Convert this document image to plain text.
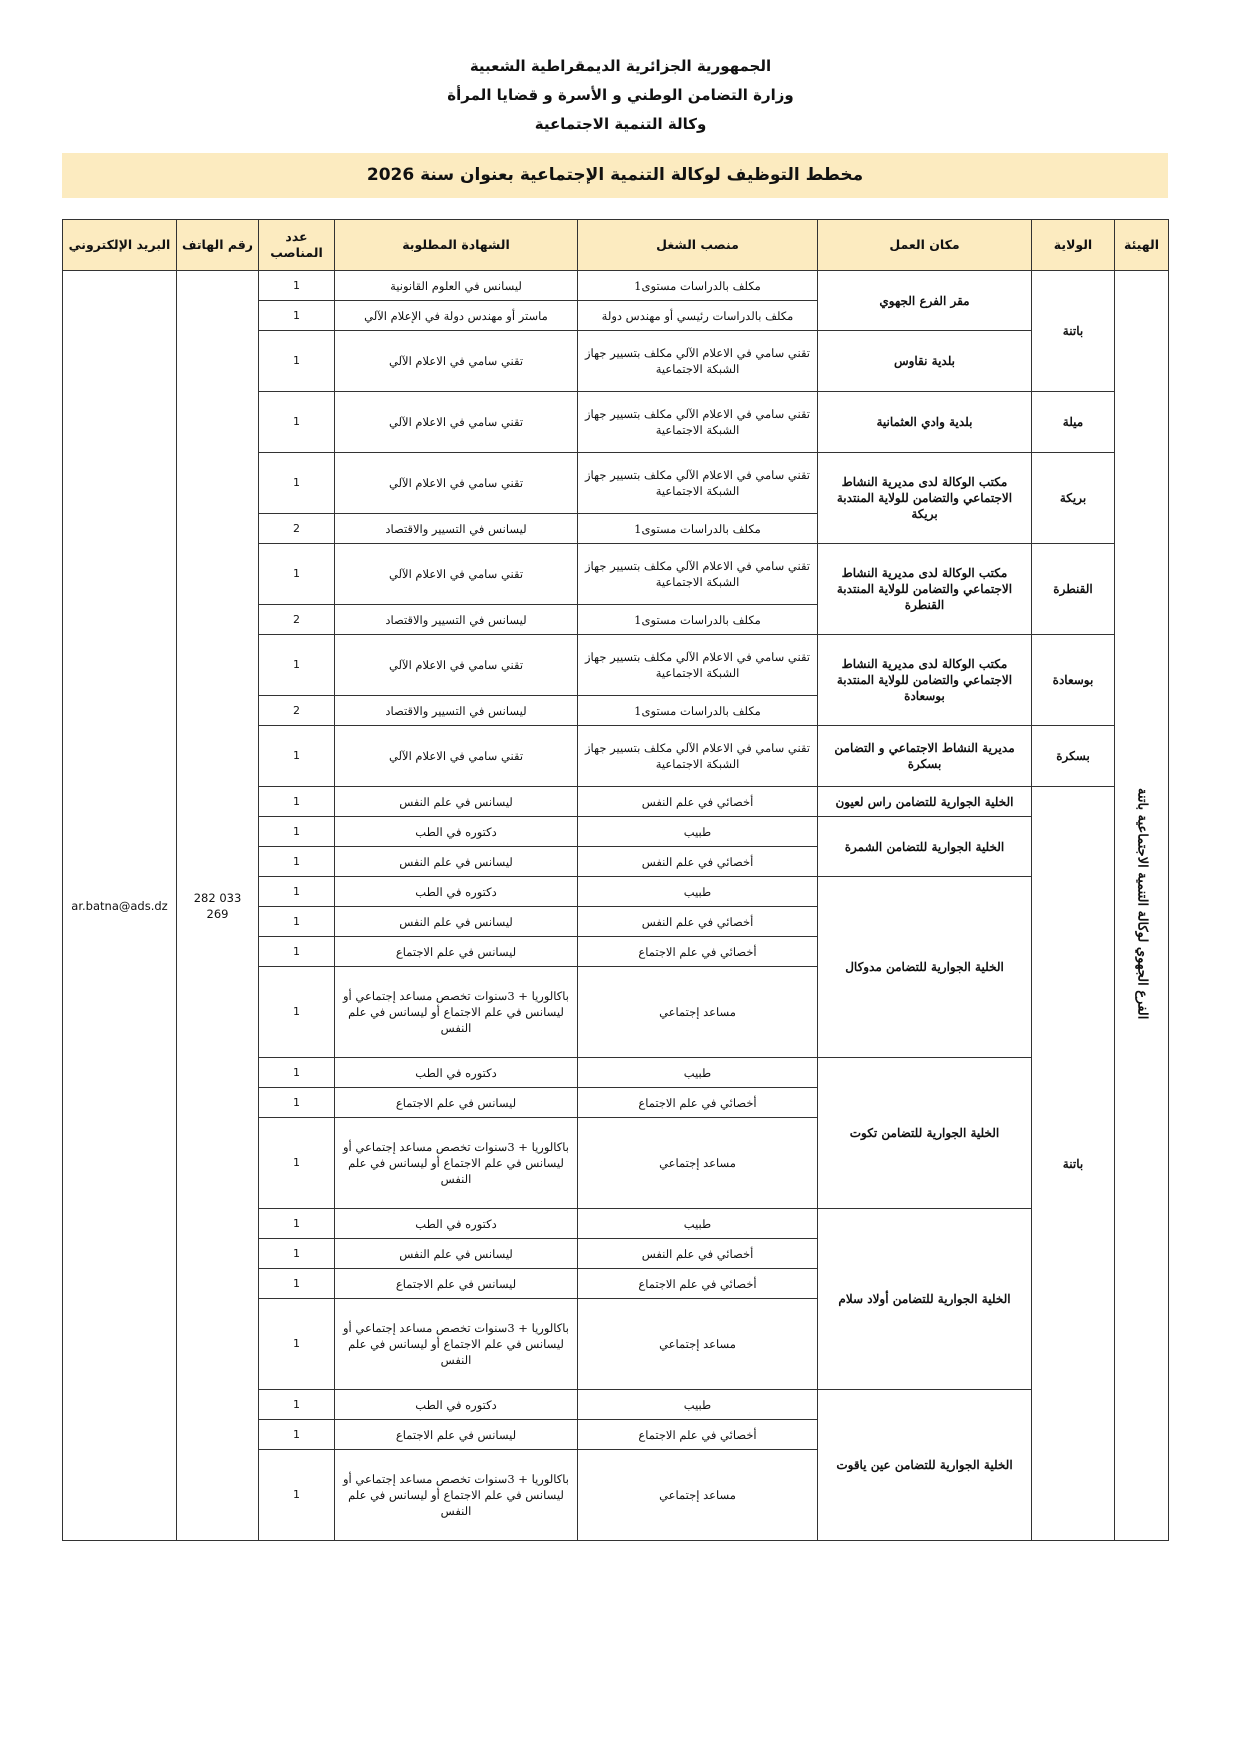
الجمهورية الجزائرية الديمقراطية الشعبية
وزارة التضامن الوطني و الأسرة و قضايا المرأة
وكالة التنمية الاجتماعية
مخطط التوظيف لوكالة التنمية الإجتماعية بعنوان سنة 2026
الهيئة	الولاية	مكان العمل	منصب الشغل	الشهادة المطلوبة	عدد المناصب	رقم الهاتف	البريد الإلكتروني
الفرع الجهوي لوكالة التنمية الاجتماعية باتنة	باتنة	مقر الفرع الجهوي	مكلف بالدراسات مستوى1	ليسانس في العلوم القانونية	1	033 282 269	ar.batna@ads.dz
			مكلف بالدراسات رئيسي أو مهندس دولة	ماستر أو مهندس دولة في الإعلام الآلي	1		
		بلدية نقاوس	تقني سامي في الاعلام الآلي مكلف بتسيير جهاز الشبكة الاجتماعية	تقني سامي في الاعلام الآلي	1		
	ميلة	بلدية وادي العثمانية	تقني سامي في الاعلام الآلي مكلف بتسيير جهاز الشبكة الاجتماعية	تقني سامي في الاعلام الآلي	1		
	بريكة	مكتب الوكالة لدى مديرية النشاط الاجتماعي والتضامن للولاية المنتدبة بريكة	تقني سامي في الاعلام الآلي مكلف بتسيير جهاز الشبكة الاجتماعية	تقني سامي في الاعلام الآلي	1		
			مكلف بالدراسات مستوى1	ليسانس في التسيير والاقتصاد	2		
	القنطرة	مكتب الوكالة لدى مديرية النشاط الاجتماعي والتضامن للولاية المنتدبة القنطرة	تقني سامي في الاعلام الآلي مكلف بتسيير جهاز الشبكة الاجتماعية	تقني سامي في الاعلام الآلي	1		
			مكلف بالدراسات مستوى1	ليسانس في التسيير والاقتصاد	2		
	بوسعادة	مكتب الوكالة لدى مديرية النشاط الاجتماعي والتضامن للولاية المنتدبة بوسعادة	تقني سامي في الاعلام الآلي مكلف بتسيير جهاز الشبكة الاجتماعية	تقني سامي في الاعلام الآلي	1		
			مكلف بالدراسات مستوى1	ليسانس في التسيير والاقتصاد	2		
	بسكرة	مديرية النشاط الاجتماعي و التضامن بسكرة	تقني سامي في الاعلام الآلي مكلف بتسيير جهاز الشبكة الاجتماعية	تقني سامي في الاعلام الآلي	1		
	باتنة	الخلية الجوارية للتضامن راس لعيون	أخصائي في علم النفس	ليسانس في علم النفس	1		
		الخلية الجوارية للتضامن الشمرة	طبيب	دكتوره في الطب	1		
			أخصائي في علم النفس	ليسانس في علم النفس	1		
		الخلية الجوارية للتضامن مدوكال	طبيب	دكتوره في الطب	1		
			أخصائي في علم النفس	ليسانس في علم النفس	1		
			أخصائي في علم الاجتماع	ليسانس في علم الاجتماع	1		
			مساعد إجتماعي	باكالوريا + 3سنوات تخصص مساعد إجتماعي أو ليسانس في علم الاجتماع أو ليسانس في علم النفس	1		
		الخلية الجوارية للتضامن تكوت	طبيب	دكتوره في الطب	1		
			أخصائي في علم الاجتماع	ليسانس في علم الاجتماع	1		
			مساعد إجتماعي	باكالوريا + 3سنوات تخصص مساعد إجتماعي أو ليسانس في علم الاجتماع أو ليسانس في علم النفس	1		
		الخلية الجوارية للتضامن أولاد سلام	طبيب	دكتوره في الطب	1		
			أخصائي في علم النفس	ليسانس في علم النفس	1		
			أخصائي في علم الاجتماع	ليسانس في علم الاجتماع	1		
			مساعد إجتماعي	باكالوريا + 3سنوات تخصص مساعد إجتماعي أو ليسانس في علم الاجتماع أو ليسانس في علم النفس	1		
		الخلية الجوارية للتضامن عين ياقوت	طبيب	دكتوره في الطب	1		
			أخصائي في علم الاجتماع	ليسانس في علم الاجتماع	1		
			مساعد إجتماعي	باكالوريا + 3سنوات تخصص مساعد إجتماعي أو ليسانس في علم الاجتماع أو ليسانس في علم النفس	1		
